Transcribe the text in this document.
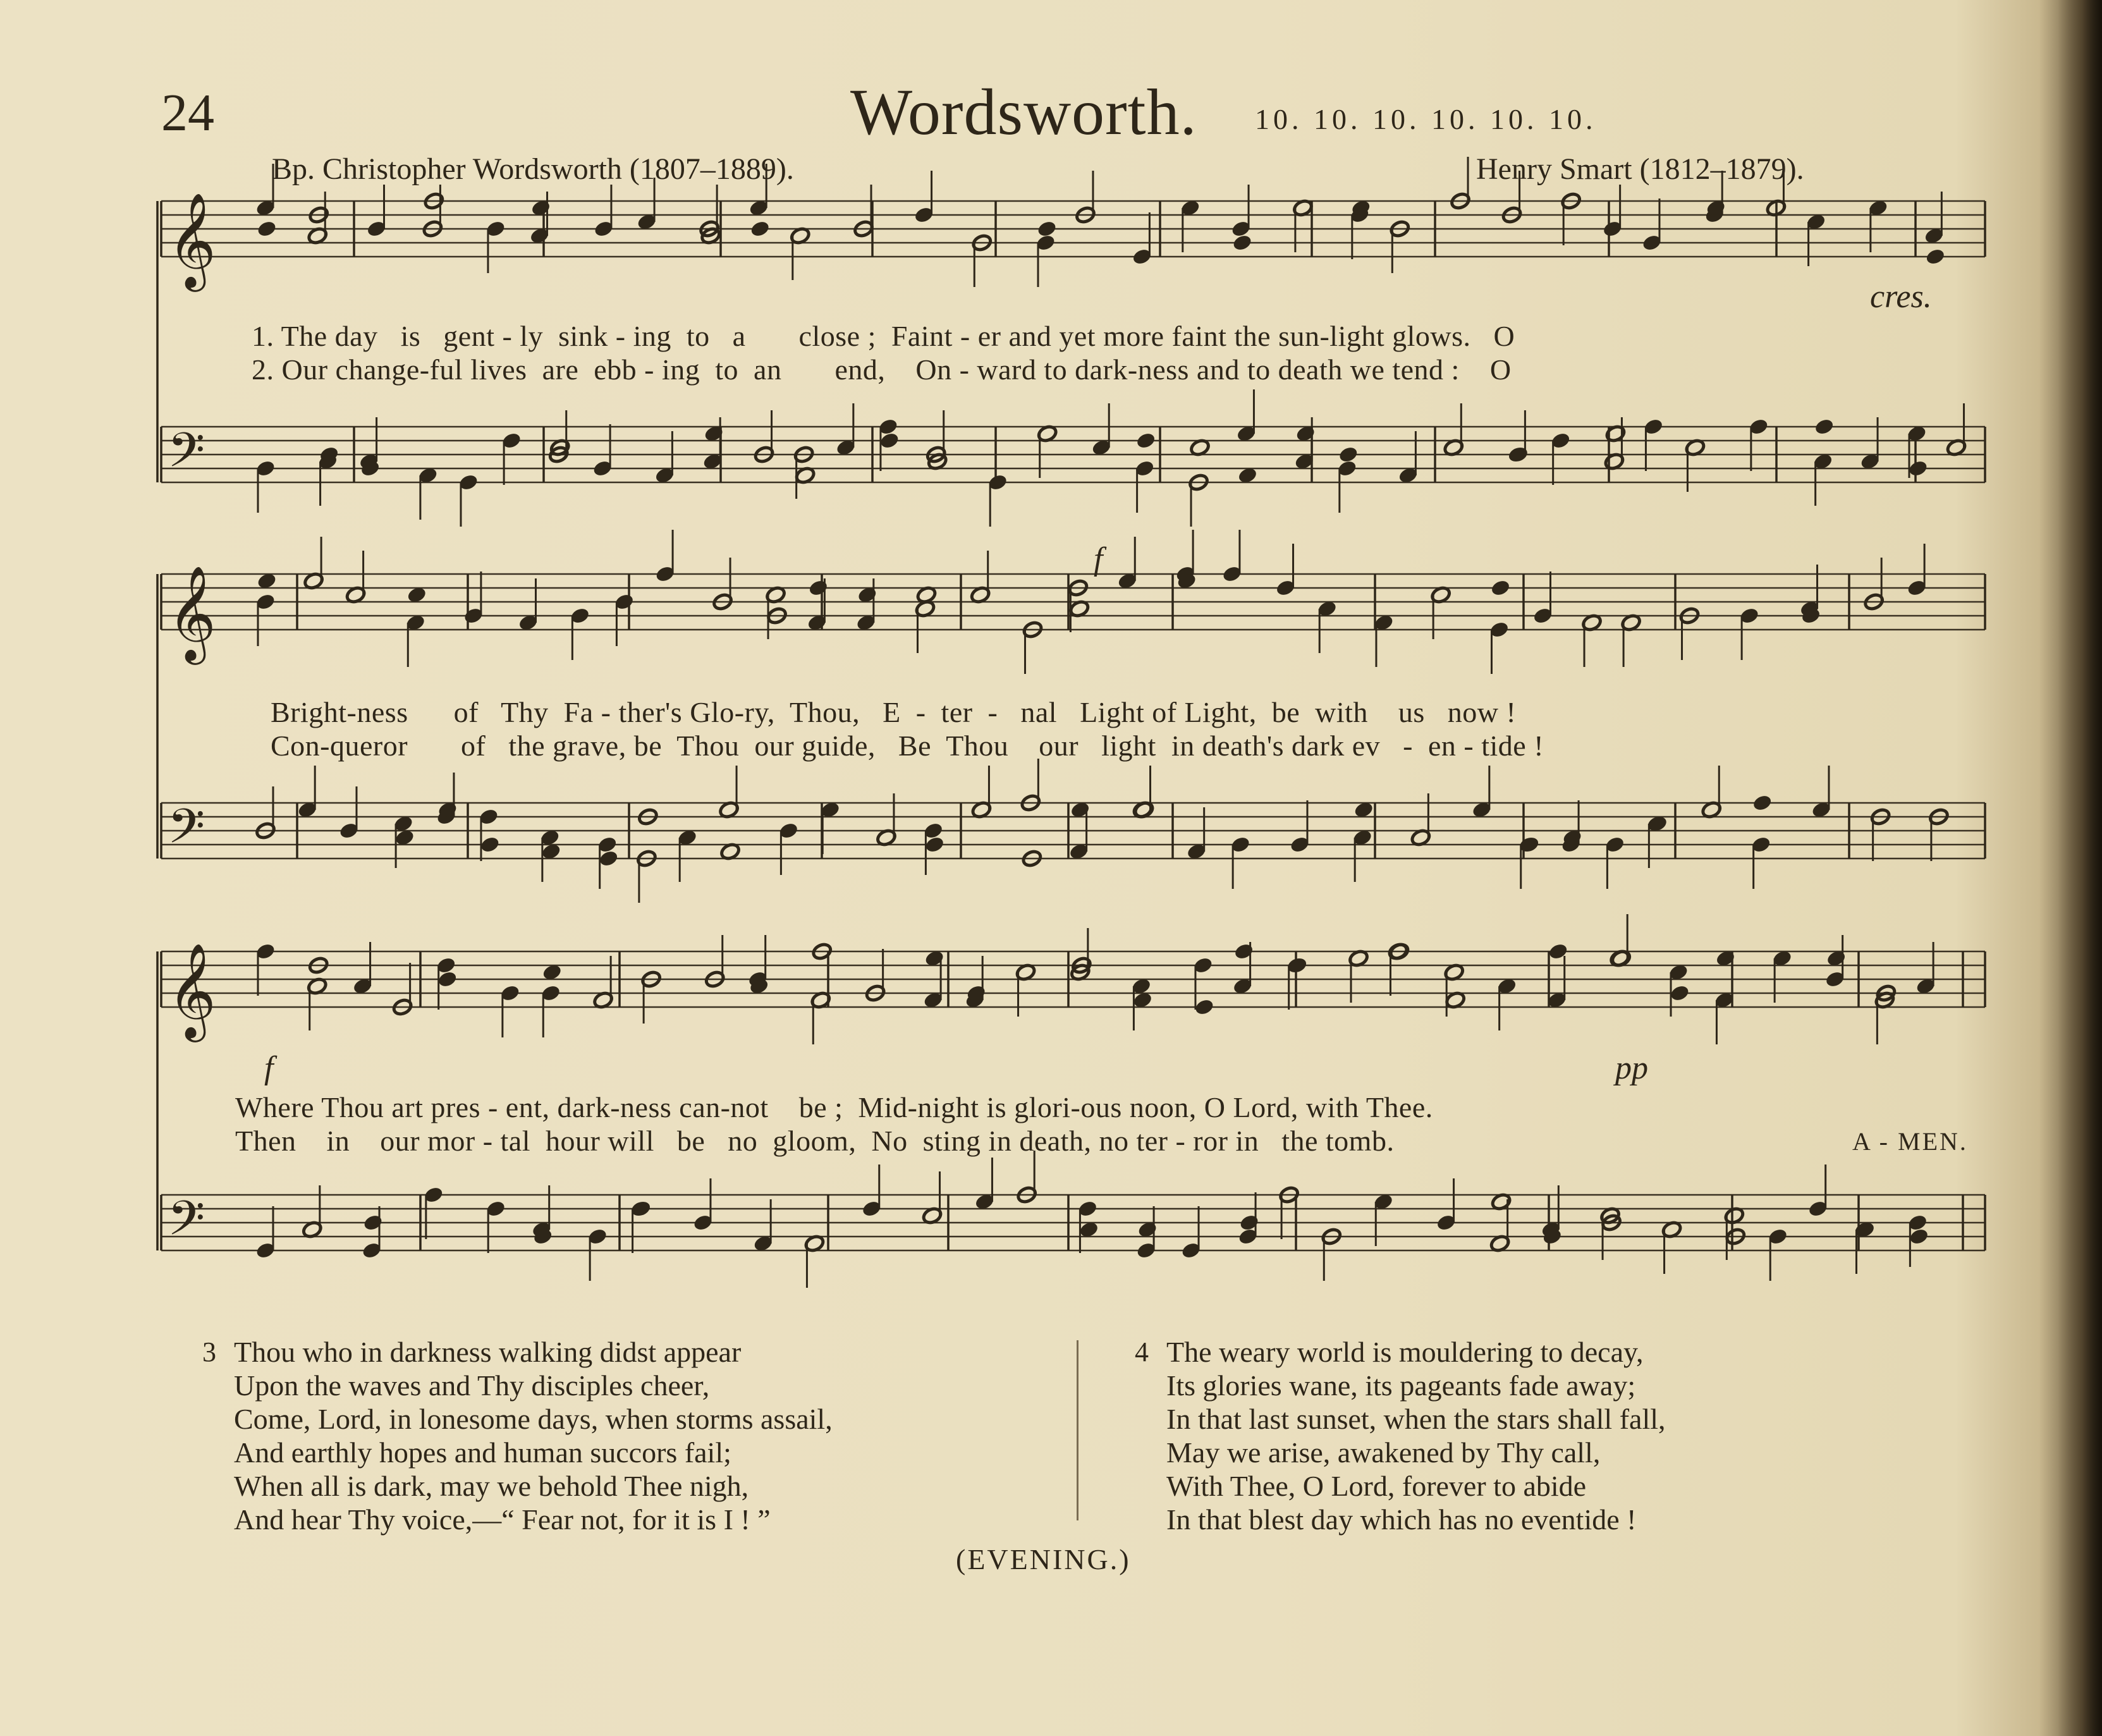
24	Wordsworth. 10. 10. 10. 10. 10. 10.
Bp. Christopher Wordsworth (1807–1889).	Henry Smart (1812–1879).
𝄞
𝄢
𝄞
𝄢
𝄞
𝄢
cres.
f
f	pp
1. The day   is   gent - ly  sink - ing  to   a       close ;  Faint - er and yet more faint the sun-light glows.   O
2. Our change-ful lives  are  ebb - ing  to  an       end,    On - ward to dark-ness and to death we tend :    O
Bright-ness      of   Thy  Fa - ther's Glo-ry,  Thou,   E  -  ter  -   nal   Light of Light,  be  with    us   now !
Con-queror       of   the grave, be  Thou  our guide,   Be  Thou    our   light  in death's dark ev   -  en - tide !
Where Thou art pres - ent, dark-ness can-not    be ;  Mid-night is glori-ous noon, O Lord, with Thee.
Then    in    our mor - tal  hour will   be   no  gloom,  No  sting in death, no ter - ror in   the tomb.	A - MEN.
3 Thou who in darkness walking didst appear
Upon the waves and Thy disciples cheer,
Come, Lord, in lonesome days, when storms assail,
And earthly hopes and human succors fail;
When all is dark, may we behold Thee nigh,
And hear Thy voice,—“ Fear not, for it is I ! ”
4 The weary world is mouldering to decay,
Its glories wane, its pageants fade away;
In that last sunset, when the stars shall fall,
May we arise, awakened by Thy call,
With Thee, O Lord, forever to abide
In that blest day which has no eventide !
(EVENING.)
